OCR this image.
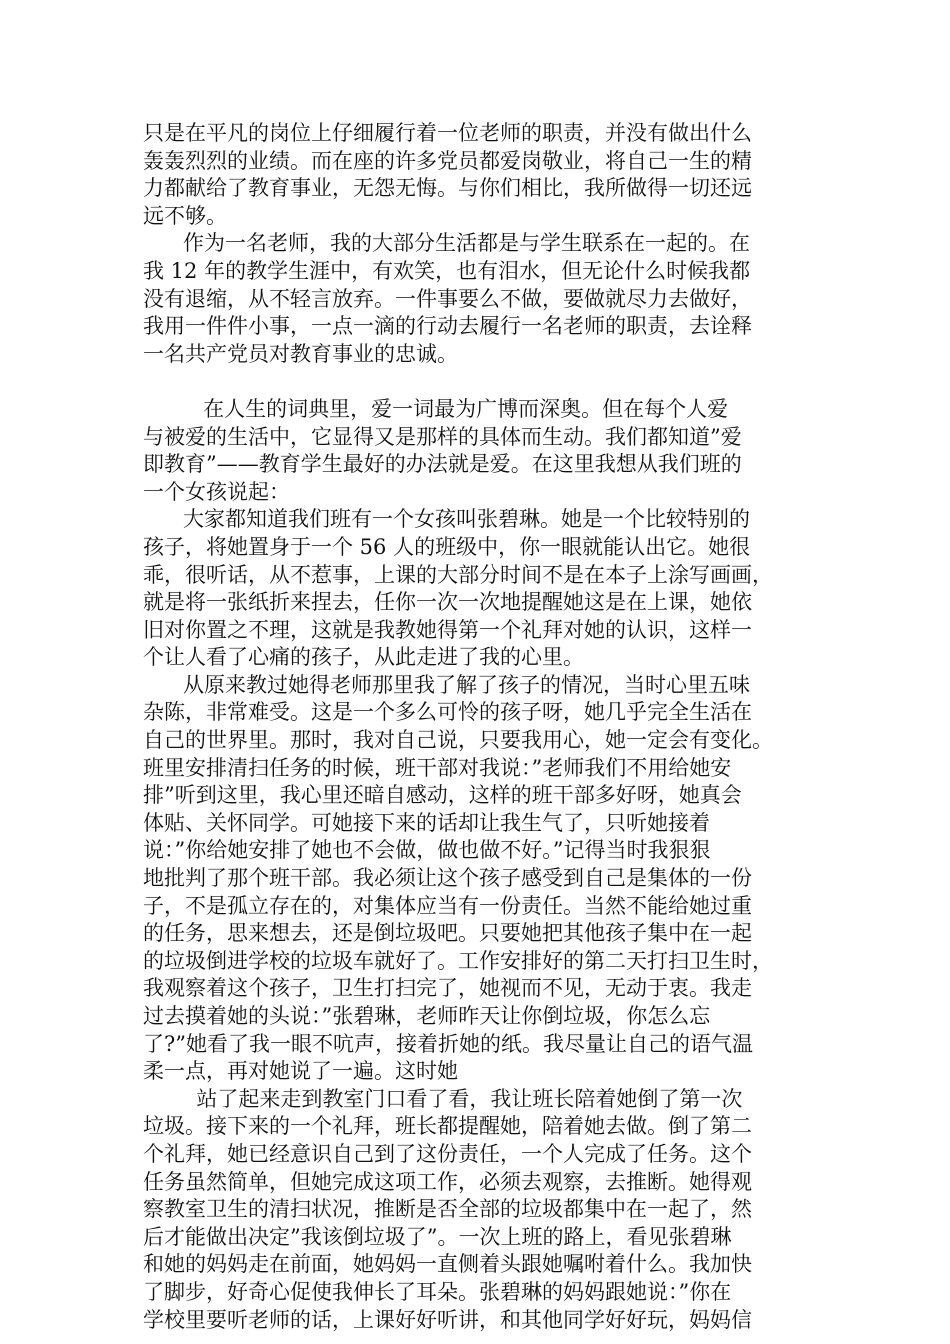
只是在平凡的岗位上仔细履行着一位老师的职责，并没有做出什么
轰轰烈烈的业绩。而在座的许多党员都爱岗敬业，将自己一生的精
力都献给了教育事业，无怨无悔。与你们相比，我所做得一切还远
远不够。
作为一名老师，我的大部分生活都是与学生联系在一起的。在
我 12 年的教学生涯中，有欢笑，也有泪水，但无论什么时候我都
没有退缩，从不轻言放弃。一件事要么不做，要做就尽力去做好，
我用一件件小事，一点一滴的行动去履行一名老师的职责，去诠释
一名共产党员对教育事业的忠诚。
在人生的词典里，爱一词最为广博而深奥。但在每个人爱
与被爱的生活中，它显得又是那样的具体而生动。我们都知道”爱
即教育”——教育学生最好的办法就是爱。在这里我想从我们班的
一个女孩说起：
大家都知道我们班有一个女孩叫张碧琳。她是一个比较特别的
孩子，将她置身于一个 56 人的班级中，你一眼就能认出它。她很
乖，很听话，从不惹事，上课的大部分时间不是在本子上涂写画画，
就是将一张纸折来捏去，任你一次一次地提醒她这是在上课，她依
旧对你置之不理，这就是我教她得第一个礼拜对她的认识，这样一
个让人看了心痛的孩子，从此走进了我的心里。
从原来教过她得老师那里我了解了孩子的情况，当时心里五味
杂陈，非常难受。这是一个多么可怜的孩子呀，她几乎完全生活在
自己的世界里。那时，我对自己说，只要我用心，她一定会有变化。
班里安排清扫任务的时候，班干部对我说：”老师我们不用给她安
排”听到这里，我心里还暗自感动，这样的班干部多好呀，她真会
体贴、关怀同学。可她接下来的话却让我生气了，只听她接着
说：”你给她安排了她也不会做，做也做不好。”记得当时我狠狠
地批判了那个班干部。我必须让这个孩子感受到自己是集体的一份
子，不是孤立存在的，对集体应当有一份责任。当然不能给她过重
的任务，思来想去，还是倒垃圾吧。只要她把其他孩子集中在一起
的垃圾倒进学校的垃圾车就好了。工作安排好的第二天打扫卫生时，
我观察着这个孩子，卫生打扫完了，她视而不见，无动于衷。我走
过去摸着她的头说：”张碧琳，老师昨天让你倒垃圾，你怎么忘
了?”她看了我一眼不吭声，接着折她的纸。我尽量让自己的语气温
柔一点，再对她说了一遍。这时她
站了起来走到教室门口看了看，我让班长陪着她倒了第一次
垃圾。接下来的一个礼拜，班长都提醒她，陪着她去做。倒了第二
个礼拜，她已经意识自己到了这份责任，一个人完成了任务。这个
任务虽然简单，但她完成这项工作，必须去观察，去推断。她得观
察教室卫生的清扫状况，推断是否全部的垃圾都集中在一起了，然
后才能做出决定”我该倒垃圾了”。一次上班的路上，看见张碧琳
和她的妈妈走在前面，她妈妈一直侧着头跟她嘱咐着什么。我加快
了脚步，好奇心促使我伸长了耳朵。张碧琳的妈妈跟她说：”你在
学校里要听老师的话，上课好好听讲，和其他同学好好玩，妈妈信
